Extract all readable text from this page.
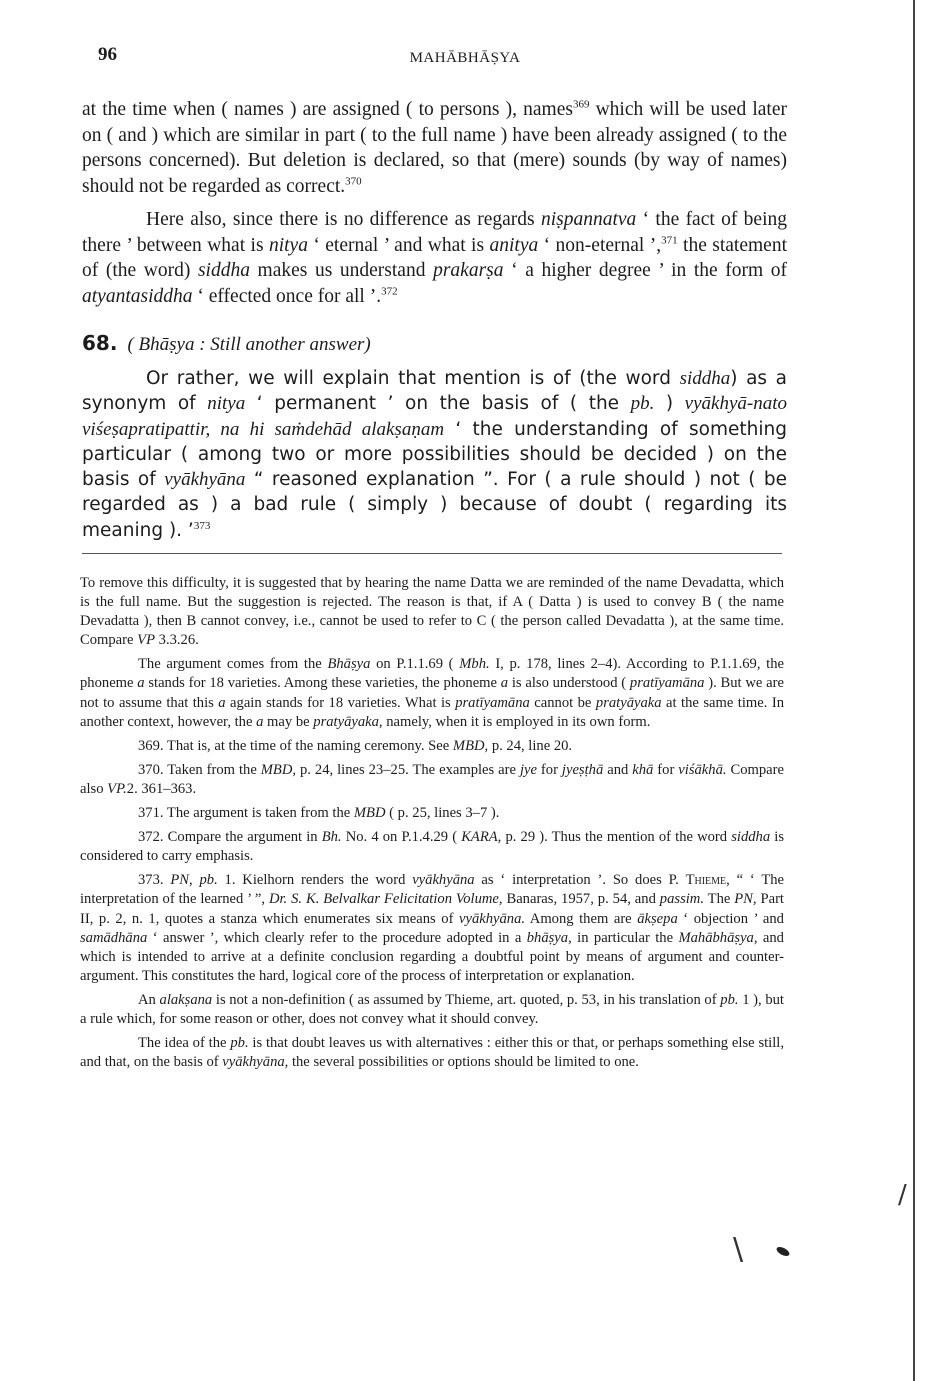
96	MAHĀBHĀṢYA

at the time when ( names ) are assigned ( to persons ), names$^{369}$ which will be used later on ( and ) which are similar in part ( to the full name ) have been already assigned ( to the persons concerned). But deletion is declared, so that (mere) sounds (by way of names) should not be regarded as correct.$^{370}$

Here also, since there is no difference as regards niṣpannatva ‘ the fact of being there ’ between what is nitya ‘ eternal ’ and what is anitya ‘ non-eternal ’,$^{371}$ the statement of (the word) siddha makes us understand prakarṣa ‘ a higher degree ’ in the form of atyantasiddha ‘ effected once for all ’.$^{372}$

68. ( Bhāṣya : Still another answer)

Or rather, we will explain that mention is of (the word siddha) as a synonym of nitya ‘ permanent ’ on the basis of ( the pb. ) vyākhyā-nato viśeṣapratipattir, na hi saṁdehād alakṣaṇam ‘ the understanding of something particular ( among two or more possibilities should be decided ) on the basis of vyākhyāna “ reasoned explanation ”. For ( a rule should ) not ( be regarded as ) a bad rule ( simply ) because of doubt ( regarding its meaning ). ’$^{373}$

To remove this difficulty, it is suggested that by hearing the name Datta we are reminded of the name Devadatta, which is the full name. But the suggestion is rejected. The reason is that, if A ( Datta ) is used to convey B ( the name Devadatta ), then B cannot convey, i.e., cannot be used to refer to C ( the person called Devadatta ), at the same time. Compare VP 3.3.26.

The argument comes from the Bhāṣya on P.1.1.69 ( Mbh. I, p. 178, lines 2–4). According to P.1.1.69, the phoneme a stands for 18 varieties. Among these varieties, the phoneme a is also understood ( pratīyamāna ). But we are not to assume that this a again stands for 18 varieties. What is pratīyamāna cannot be pratyāyaka at the same time. In another context, however, the a may be pratyāyaka, namely, when it is employed in its own form.

369. That is, at the time of the naming ceremony. See MBD, p. 24, line 20.

370. Taken from the MBD, p. 24, lines 23–25. The examples are jye for jyeṣṭhā and khā for viśākhā. Compare also VP.2. 361–363.

371. The argument is taken from the MBD ( p. 25, lines 3–7 ).

372. Compare the argument in Bh. No. 4 on P.1.4.29 ( KARA, p. 29 ). Thus the mention of the word siddha is considered to carry emphasis.

373. PN, pb. 1. Kielhorn renders the word vyākhyāna as ‘ interpretation ’. So does P. Thieme, “ ‘ The interpretation of the learned ’ ”, Dr. S. K. Belvalkar Felicitation Volume, Banaras, 1957, p. 54, and passim. The PN, Part II, p. 2, n. 1, quotes a stanza which enumerates six means of vyākhyāna. Among them are ākṣepa ‘ objection ’ and samādhāna ‘ answer ’, which clearly refer to the procedure adopted in a bhāṣya, in particular the Mahābhāṣya, and which is intended to arrive at a definite conclusion regarding a doubtful point by means of argument and counter-argument. This constitutes the hard, logical core of the process of interpretation or explanation.

An alakṣana is not a non-definition ( as assumed by Thieme, art. quoted, p. 53, in his translation of pb. 1 ), but a rule which, for some reason or other, does not convey what it should convey.

The idea of the pb. is that doubt leaves us with alternatives : either this or that, or perhaps something else still, and that, on the basis of vyākhyāna, the several possibilities or options should be limited to one.

/
\
